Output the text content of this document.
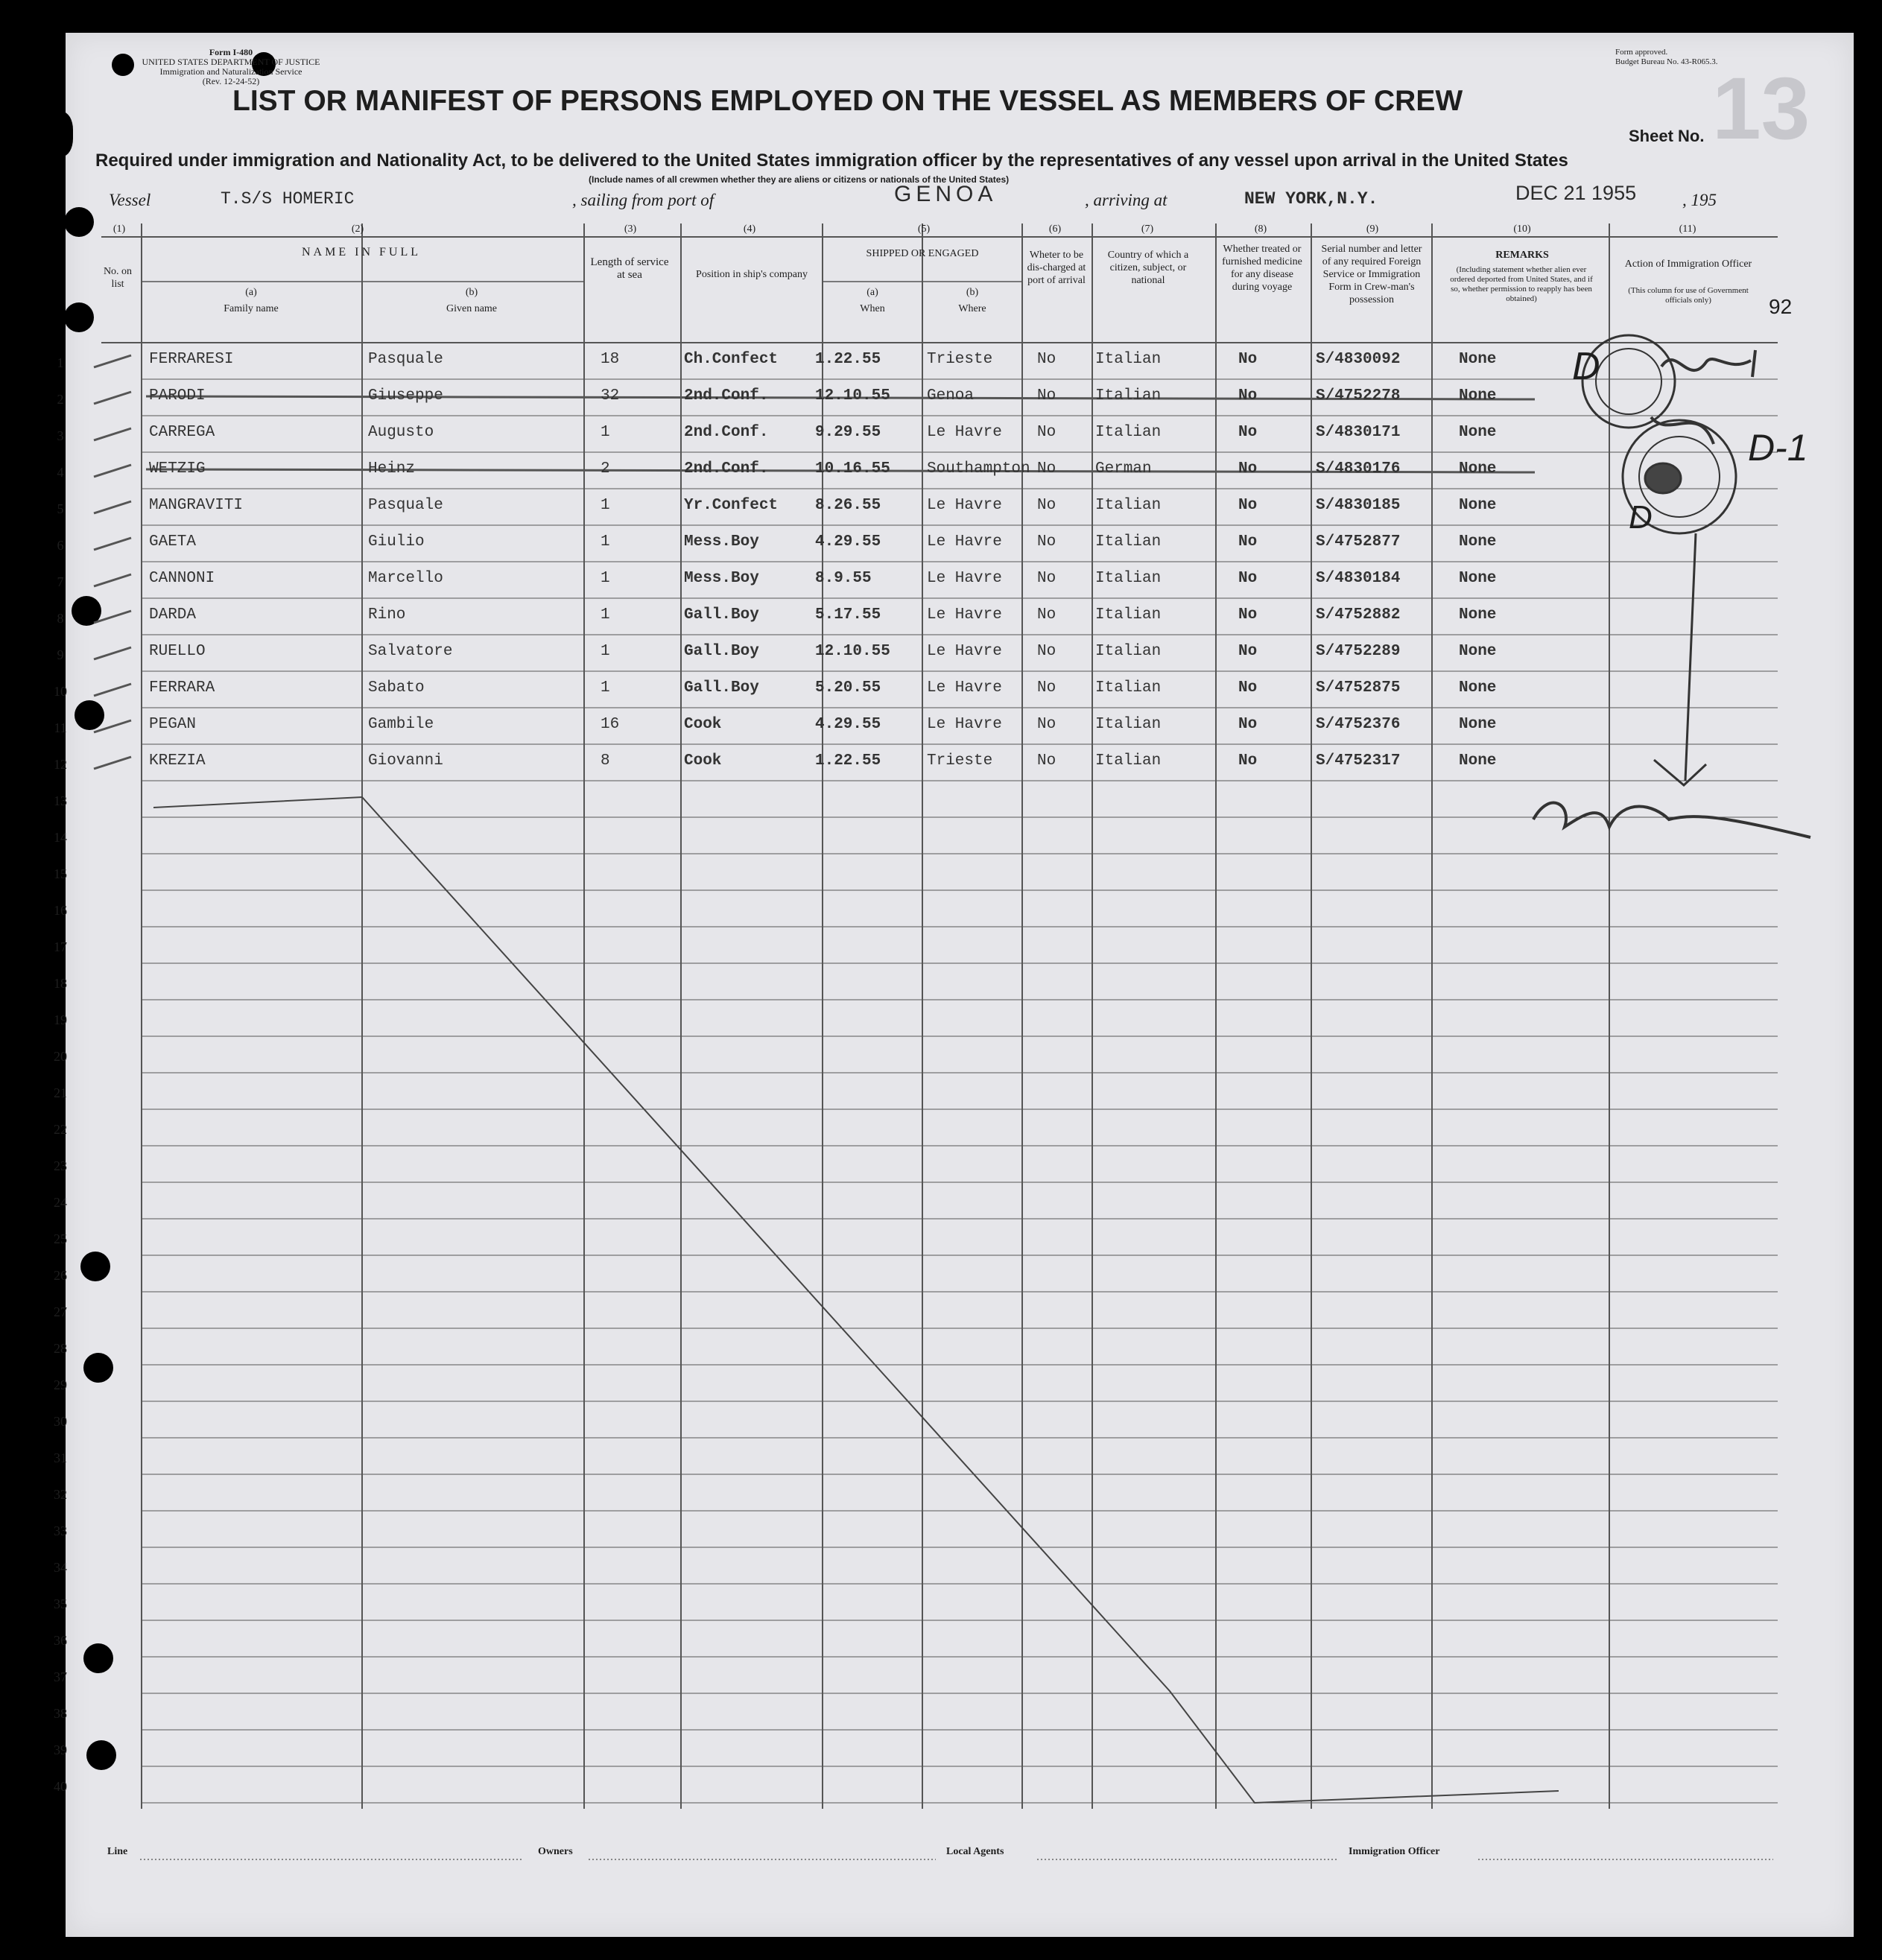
Form I-480
UNITED STATES DEPARTMENT OF JUSTICE
Immigration and Naturalization Service
(Rev. 12-24-52)
Form approved.
Budget Bureau No. 43-R065.3.
13
LIST OR MANIFEST OF PERSONS EMPLOYED ON THE VESSEL AS MEMBERS OF CREW
Sheet No.
Required under immigration and Nationality Act, to be delivered to the United States immigration officer by the representatives of any vessel upon arrival in the United States
(Include names of all crewmen whether they are aliens or citizens or nationals of the United States)
Vessel	T.S/S HOMERIC	, sailing from port of	GENOA	, arriving at	NEW YORK,N.Y.	DEC 21 1955	, 195
(1)	(2)	(3)	(4)	(5)	(6)	(7)	(8)	(9)	(10)	(11)
No. on list
NAME IN FULL
(a)
Family name
(b)
Given name
Length of service at sea	Position in ship's company
SHIPPED OR ENGAGED
(a)
When
(b)
Where
Wheter to be dis-charged at port of arrival
Country of which a citizen, subject, or national
Whether treated or furnished medicine for any disease during voyage
Serial number and letter of any required Foreign Service or Immigration Form in Crew-man's possession
REMARKS
(Including statement whether alien ever ordered deported from United States, and if so, whether permission to reapply has been obtained)
Action of Immigration Officer
(This column for use of Government officials only)	92
1	FERRARESI	Pasquale	18	Ch.Confect 1.22.55	Trieste	No	Italian	No	S/4830092	None
2	PARODI	Giuseppe	32	2nd.Conf.	12.10.55 Genoa	No	Italian	No	S/4752278	None
3	CARREGA	Augusto	1	2nd.Conf.	9.29.55	Le Havre No	Italian	No	S/4830171	None
4	WETZIG	Heinz	2	2nd.Conf.	10.16.55 Southampton No	German	No	S/4830176	None
5	MANGRAVITI	Pasquale	1	Yr.Confect 8.26.55	Le Havre No	Italian	No	S/4830185	None
6	GAETA	Giulio	1	Mess.Boy	4.29.55	Le Havre No	Italian	No	S/4752877	None
7	CANNONI	Marcello	1	Mess.Boy	8.9.55	Le Havre No	Italian	No	S/4830184	None
8	DARDA	Rino	1	Gall.Boy	5.17.55	Le Havre No	Italian	No	S/4752882	None
9	RUELLO	Salvatore	1	Gall.Boy	12.10.55 Le Havre No	Italian	No	S/4752289	None
10	FERRARA	Sabato	1	Gall.Boy	5.20.55	Le Havre No	Italian	No	S/4752875	None
11	PEGAN	Gambile	16	Cook	4.29.55	Le Havre No	Italian	No	S/4752376	None
12	KREZIA	Giovanni	8	Cook	1.22.55	Trieste	No	Italian	No	S/4752317	None
13
14
15
16
17
18
19
20
21
22
23
24
25
26
27
28
29
30
31
32
33
34
35
36
37
38
39
40
D
D-1
D
Line	Owners	Local Agents	Immigration Officer
